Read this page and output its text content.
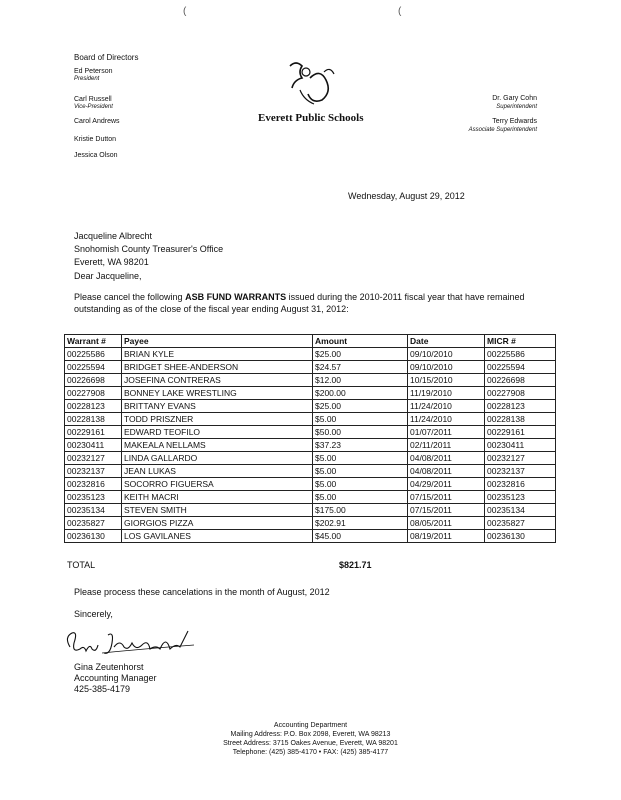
(	(
Board of Directors
Ed Peterson
President
Carl Russell
Vice-President
Carol Andrews
Kristie Dutton
Jessica Olson
Everett Public Schools
Dr. Gary Cohn
Superintendent
Terry Edwards
Associate Superintendent
Wednesday, August 29, 2012
Jacqueline Albrecht
Snohomish County Treasurer's Office
Everett, WA 98201
Dear Jacqueline,
Please cancel the following ASB FUND WARRANTS issued during the 2010-2011 fiscal year that have remained outstanding as of the close of the fiscal year ending August 31, 2012:
Warrant #	Payee	Amount	Date	MICR #
00225586	BRIAN KYLE	$25.00	09/10/2010	00225586
00225594	BRIDGET SHEE-ANDERSON	$24.57	09/10/2010	00225594
00226698	JOSEFINA CONTRERAS	$12.00	10/15/2010	00226698
00227908	BONNEY LAKE WRESTLING	$200.00	11/19/2010	00227908
00228123	BRITTANY EVANS	$25.00	11/24/2010	00228123
00228138	TODD PRISZNER	$5.00	11/24/2010	00228138
00229161	EDWARD TEOFILO	$50.00	01/07/2011	00229161
00230411	MAKEALA NELLAMS	$37.23	02/11/2011	00230411
00232127	LINDA GALLARDO	$5.00	04/08/2011	00232127
00232137	JEAN LUKAS	$5.00	04/08/2011	00232137
00232816	SOCORRO FIGUERSA	$5.00	04/29/2011	00232816
00235123	KEITH MACRI	$5.00	07/15/2011	00235123
00235134	STEVEN SMITH	$175.00	07/15/2011	00235134
00235827	GIORGIOS PIZZA	$202.91	08/05/2011	00235827
00236130	LOS GAVILANES	$45.00	08/19/2011	00236130
TOTAL	$821.71
Please process these cancelations in the month of August, 2012
Sincerely,
Gina Zeutenhorst
Accounting Manager
425-385-4179
Accounting Department
Mailing Address: P.O. Box 2098, Everett, WA 98213
Street Address: 3715 Oakes Avenue, Everett, WA 98201
Telephone: (425) 385-4170 • FAX: (425) 385-4177
